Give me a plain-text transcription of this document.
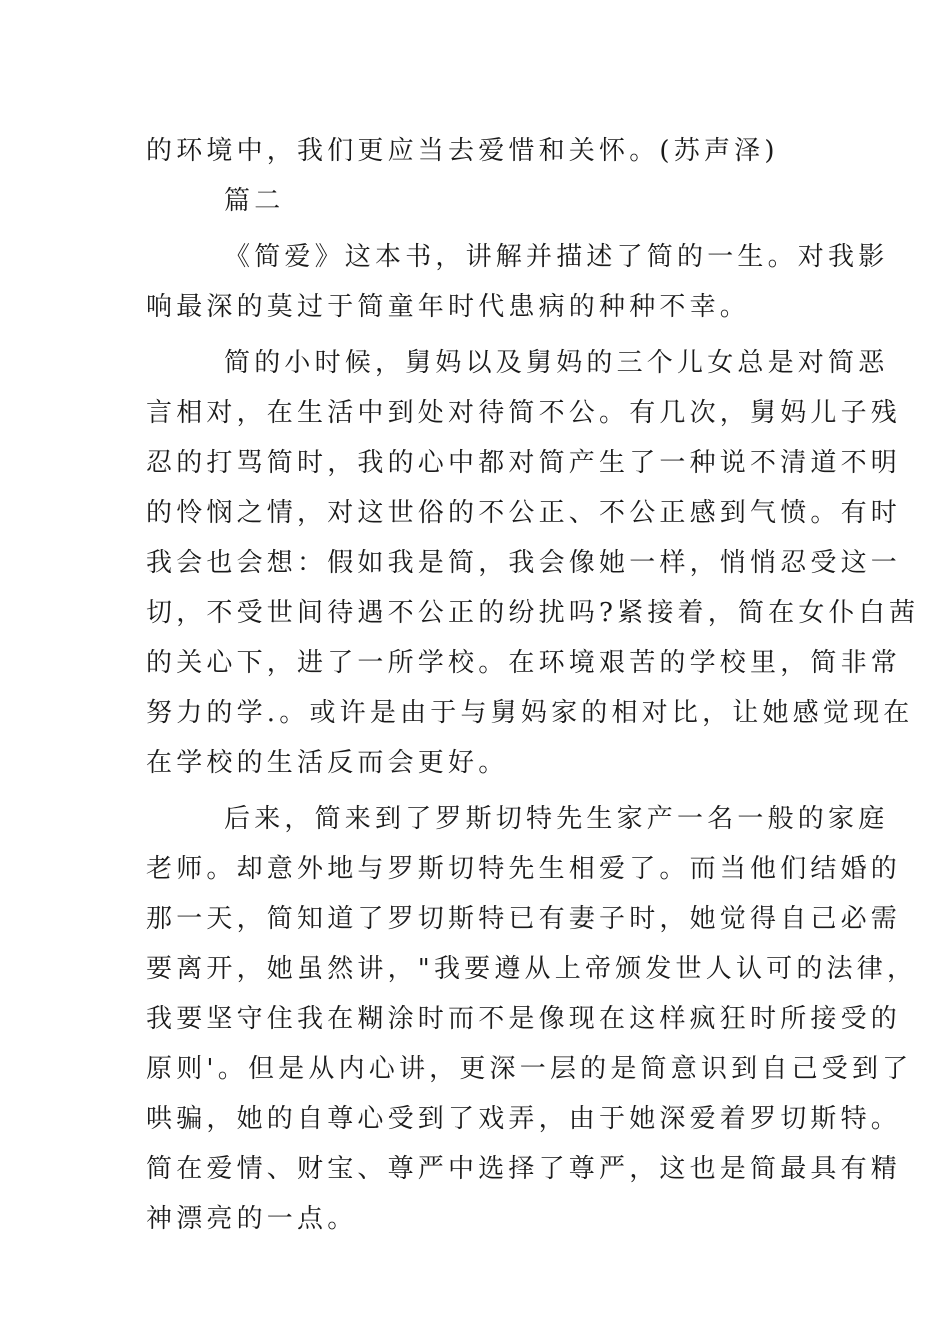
的环境中，我们更应当去爱惜和关怀。(苏声泽)
篇二
《简爱》这本书，讲解并描述了简的一生。对我影
响最深的莫过于简童年时代患病的种种不幸。
简的小时候，舅妈以及舅妈的三个儿女总是对简恶
言相对，在生活中到处对待简不公。有几次，舅妈儿子残
忍的打骂简时，我的心中都对简产生了一种说不清道不明
的怜悯之情，对这世俗的不公正、不公正感到气愤。有时
我会也会想：假如我是简，我会像她一样，悄悄忍受这一
切，不受世间待遇不公正的纷扰吗?紧接着，简在女仆白茜
的关心下，进了一所学校。在环境艰苦的学校里，简非常
努力的学.。或许是由于与舅妈家的相对比，让她感觉现在
在学校的生活反而会更好。
后来，简来到了罗斯切特先生家产一名一般的家庭
老师。却意外地与罗斯切特先生相爱了。而当他们结婚的
那一天，简知道了罗切斯特已有妻子时，她觉得自己必需
要离开，她虽然讲，"我要遵从上帝颁发世人认可的法律，
我要坚守住我在糊涂时而不是像现在这样疯狂时所接受的
原则'。但是从内心讲，更深一层的是简意识到自己受到了
哄骗，她的自尊心受到了戏弄，由于她深爱着罗切斯特。
简在爱情、财宝、尊严中选择了尊严，这也是简最具有精
神漂亮的一点。
